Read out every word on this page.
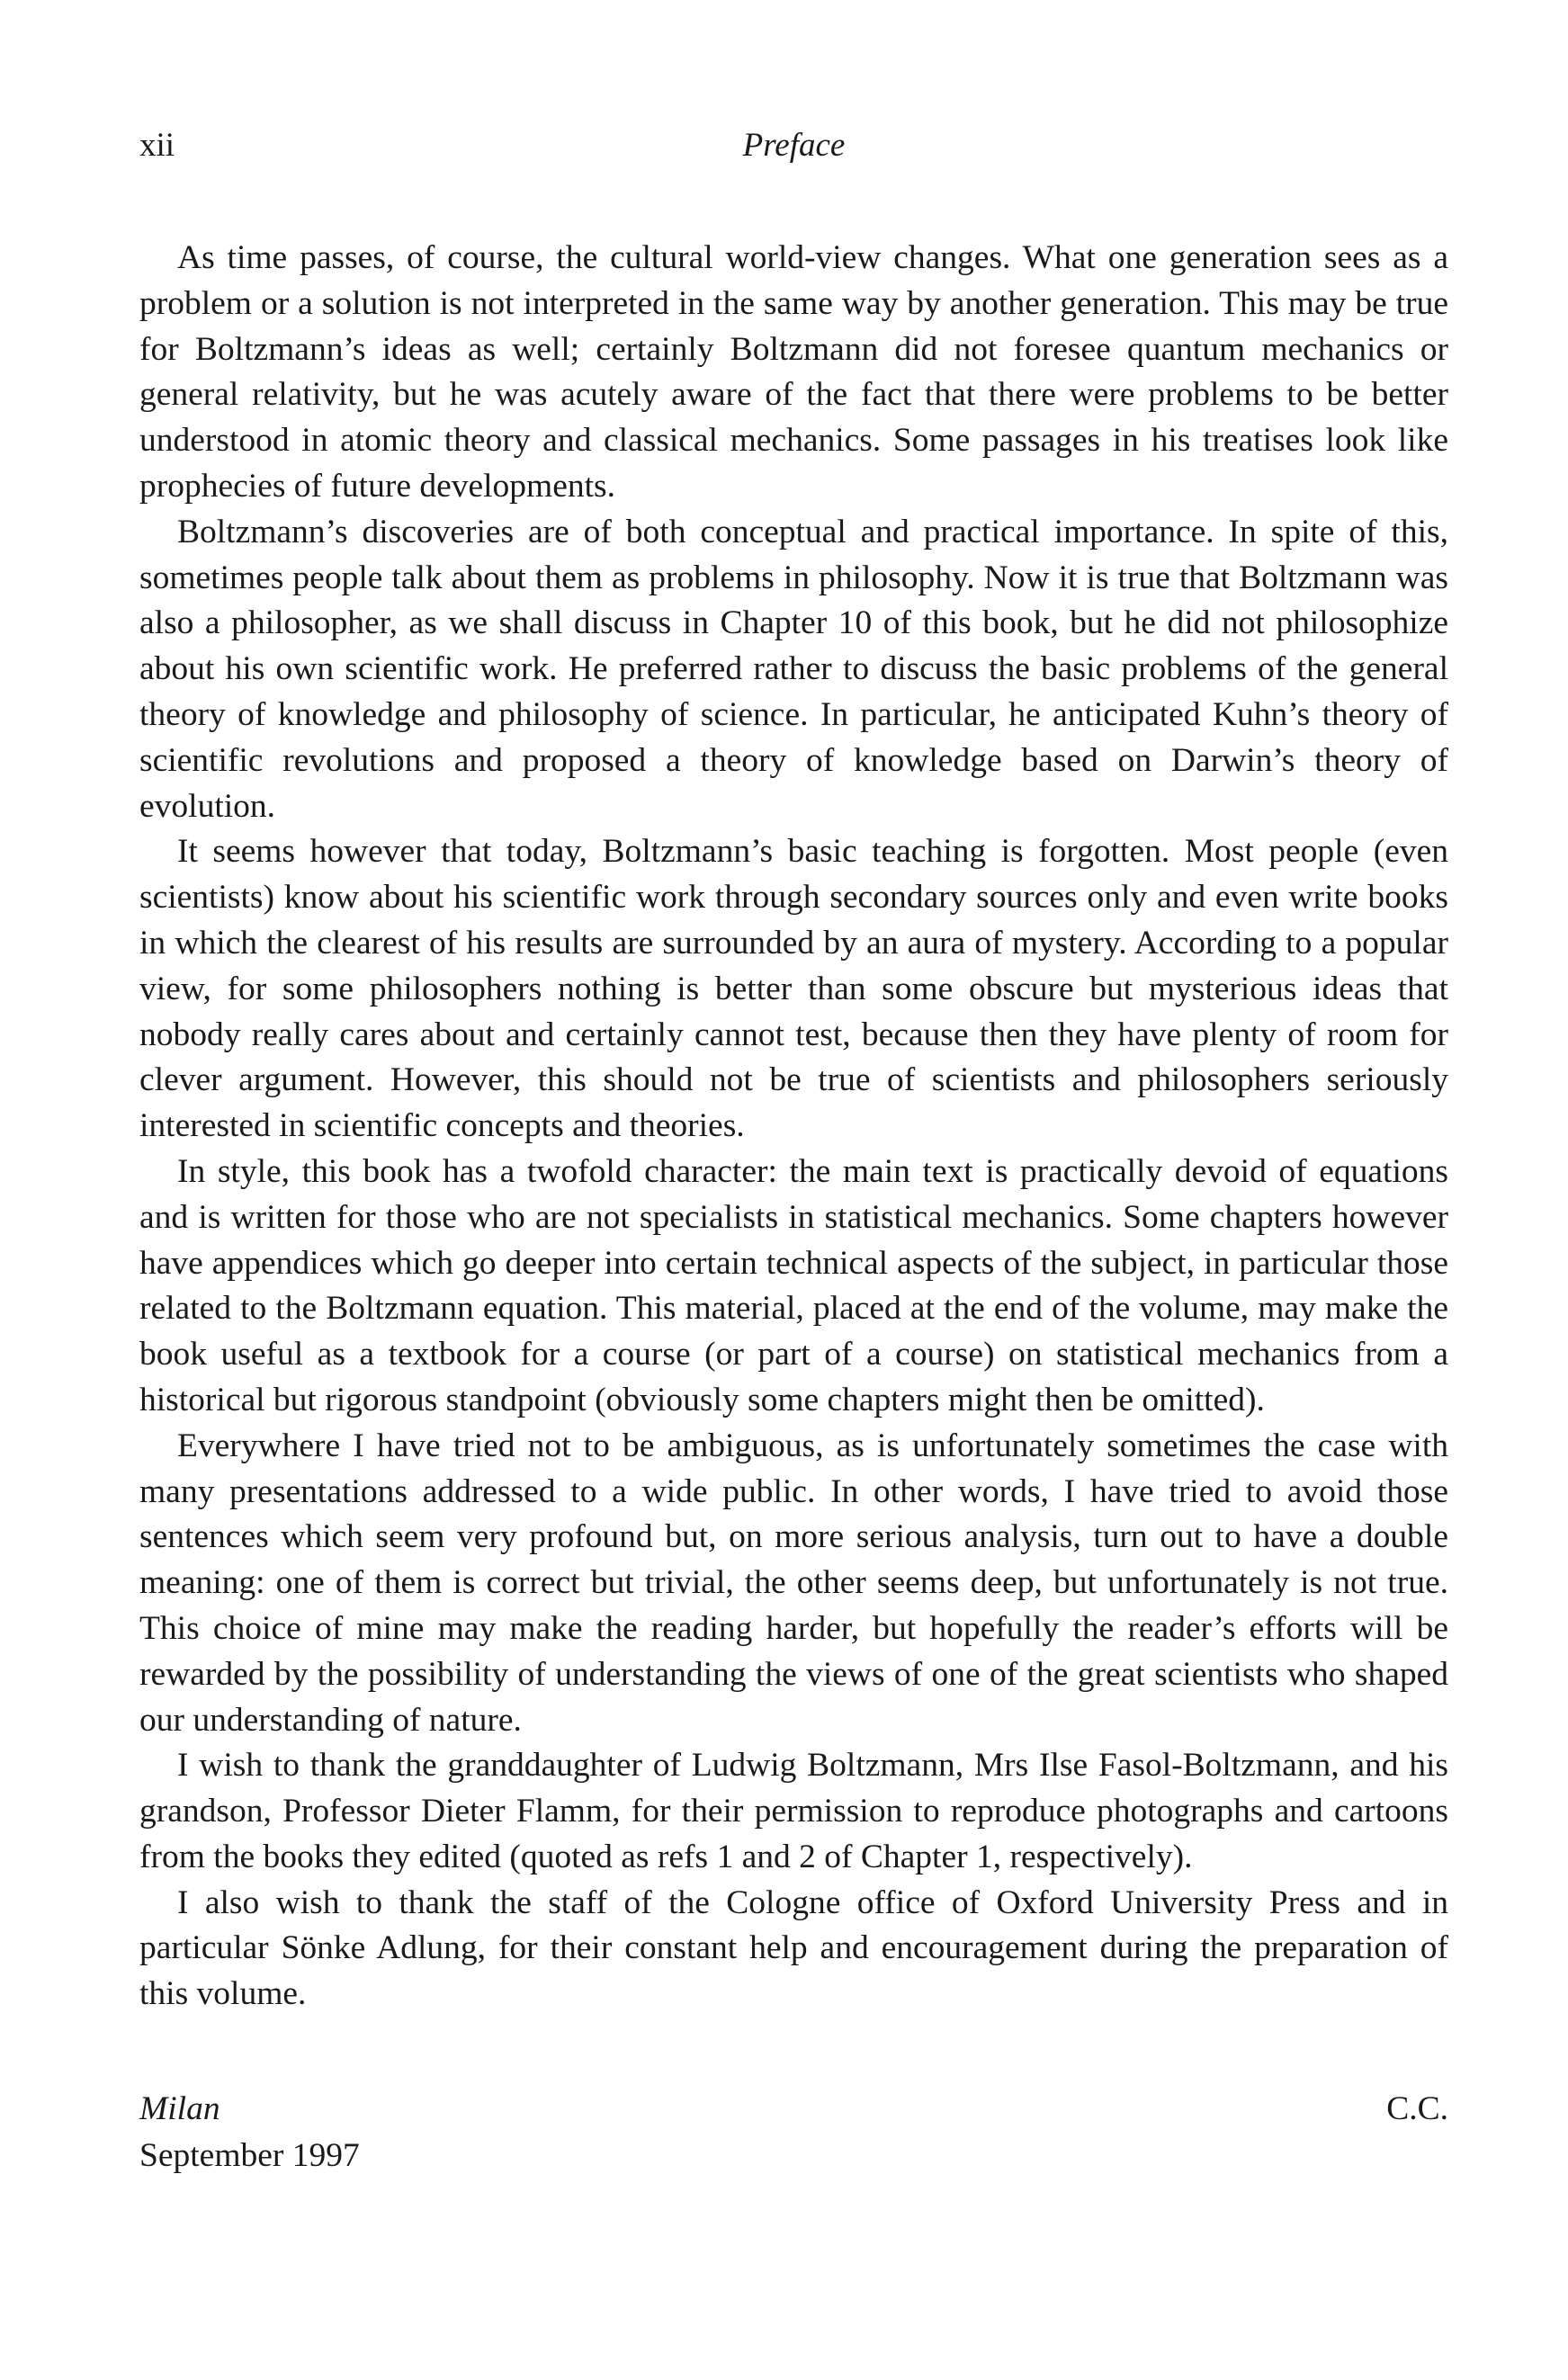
xii	Preface

As time passes, of course, the cultural world-view changes. What one generation sees as a problem or a solution is not interpreted in the same way by another generation. This may be true for Boltzmann’s ideas as well; certainly Boltzmann did not foresee quantum mechanics or general relativity, but he was acutely aware of the fact that there were problems to be better understood in atomic theory and classical mechanics. Some passages in his treatises look like prophecies of future developments.

Boltzmann’s discoveries are of both conceptual and practical importance. In spite of this, sometimes people talk about them as problems in philosophy. Now it is true that Boltzmann was also a philosopher, as we shall discuss in Chapter 10 of this book, but he did not philosophize about his own scientific work. He preferred rather to discuss the basic problems of the general theory of knowledge and philosophy of science. In particular, he anticipated Kuhn’s theory of scientific revolutions and proposed a theory of knowledge based on Darwin’s theory of evolution.

It seems however that today, Boltzmann’s basic teaching is forgotten. Most people (even scientists) know about his scientific work through secondary sources only and even write books in which the clearest of his results are surrounded by an aura of mystery. According to a popular view, for some philosophers nothing is better than some obscure but mysterious ideas that nobody really cares about and certainly cannot test, because then they have plenty of room for clever argument. However, this should not be true of scientists and philosophers seriously interested in scientific concepts and theories.

In style, this book has a twofold character: the main text is practically devoid of equations and is written for those who are not specialists in statistical mechanics. Some chapters however have appendices which go deeper into certain technical aspects of the subject, in particular those related to the Boltzmann equation. This material, placed at the end of the volume, may make the book useful as a textbook for a course (or part of a course) on statistical mechanics from a historical but rigorous standpoint (obviously some chapters might then be omitted).

Everywhere I have tried not to be ambiguous, as is unfortunately sometimes the case with many presentations addressed to a wide public. In other words, I have tried to avoid those sentences which seem very profound but, on more serious analysis, turn out to have a double meaning: one of them is correct but trivial, the other seems deep, but unfortunately is not true. This choice of mine may make the reading harder, but hopefully the reader’s efforts will be rewarded by the possibility of understanding the views of one of the great scientists who shaped our understanding of nature.

I wish to thank the granddaughter of Ludwig Boltzmann, Mrs Ilse Fasol-Boltzmann, and his grandson, Professor Dieter Flamm, for their permission to reproduce photographs and cartoons from the books they edited (quoted as refs 1 and 2 of Chapter 1, respectively).

I also wish to thank the staff of the Cologne office of Oxford University Press and in particular Sönke Adlung, for their constant help and encouragement during the preparation of this volume.

Milan
September 1997
C.C.
